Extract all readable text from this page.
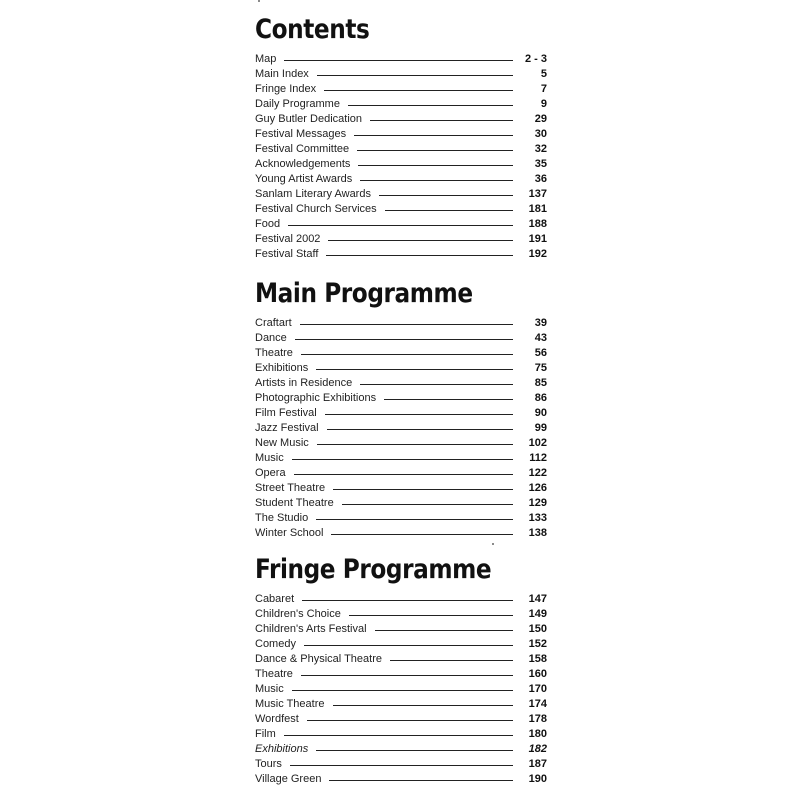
Contents
Map	2 - 3
Main Index	5
Fringe Index	7
Daily Programme	9
Guy Butler Dedication	29
Festival Messages	30
Festival Committee	32
Acknowledgements	35
Young Artist Awards	36
Sanlam Literary Awards	137
Festival Church Services	181
Food	188
Festival 2002	191
Festival Staff	192
Main Programme
Craftart	39
Dance	43
Theatre	56
Exhibitions	75
Artists in Residence	85
Photographic Exhibitions	86
Film Festival	90
Jazz Festival	99
New Music	102
Music	112
Opera	122
Street Theatre	126
Student Theatre	129
The Studio	133
Winter School	138
Fringe Programme
Cabaret	147
Children's Choice	149
Children's Arts Festival	150
Comedy	152
Dance & Physical Theatre	158
Theatre	160
Music	170
Music Theatre	174
Wordfest	178
Film	180
Exhibitions	182
Tours	187
Village Green	190
